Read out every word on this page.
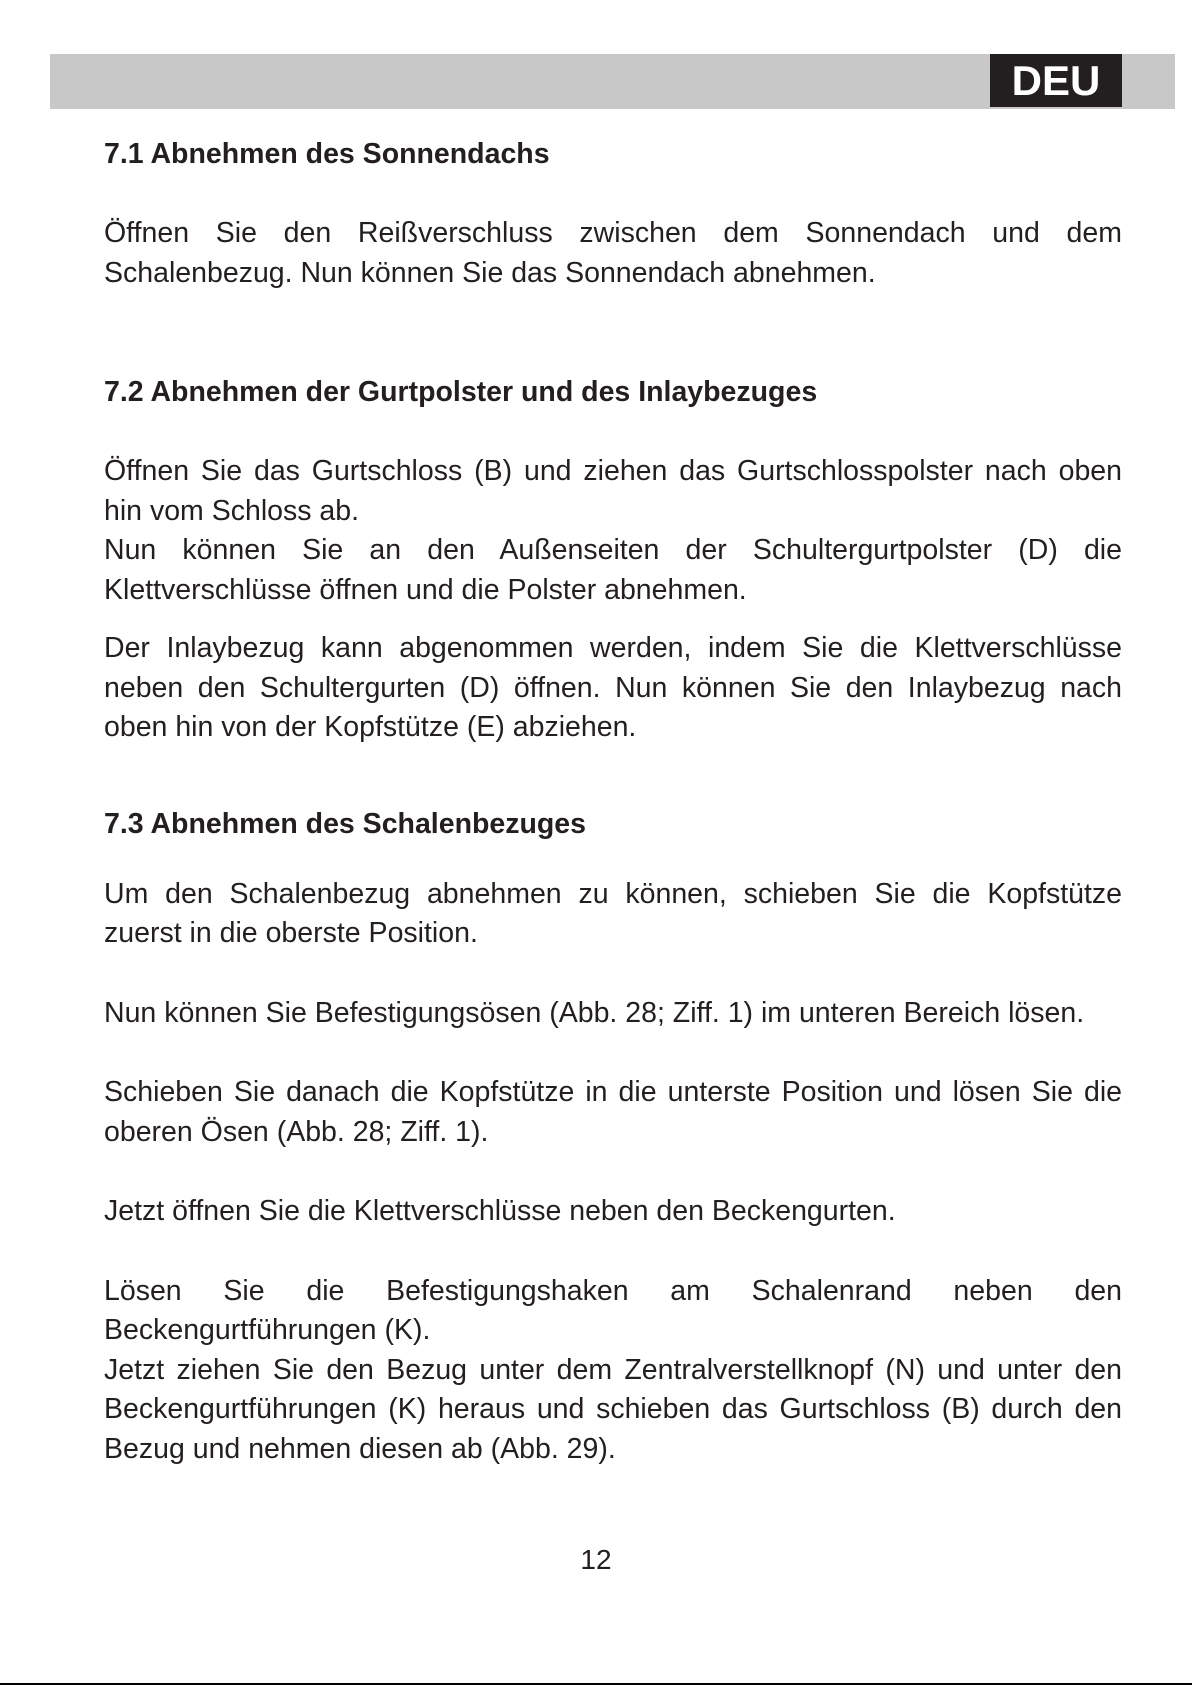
DEU
7.1 Abnehmen des Sonnendachs

Öffnen Sie den Reißverschluss zwischen dem Sonnendach und dem Schalenbezug. Nun können Sie das Sonnendach abnehmen.

7.2 Abnehmen der Gurtpolster und des Inlaybezuges

Öffnen Sie das Gurtschloss (B) und ziehen das Gurtschlosspolster nach oben hin vom Schloss ab.

Nun können Sie an den Außenseiten der Schultergurtpolster (D) die Klettverschlüsse öffnen und die Polster abnehmen.

Der Inlaybezug kann abgenommen werden, indem Sie die Klettverschlüsse neben den Schultergurten (D) öffnen. Nun können Sie den Inlaybezug nach oben hin von der Kopfstütze (E) abziehen.

7.3 Abnehmen des Schalenbezuges

Um den Schalenbezug abnehmen zu können, schieben Sie die Kopfstütze zuerst in die oberste Position.

Nun können Sie Befestigungsösen (Abb. 28; Ziff. 1) im unteren Bereich lösen.

Schieben Sie danach die Kopfstütze in die unterste Position und lösen Sie die oberen Ösen (Abb. 28; Ziff. 1).

Jetzt öffnen Sie die Klettverschlüsse neben den Beckengurten.

Lösen Sie die Befestigungshaken am Schalenrand neben den Beckengurtführungen (K).

Jetzt ziehen Sie den Bezug unter dem Zentralverstellknopf (N) und unter den Beckengurtführungen (K) heraus und schieben das Gurtschloss (B) durch den Bezug und nehmen diesen ab (Abb. 29).

12
